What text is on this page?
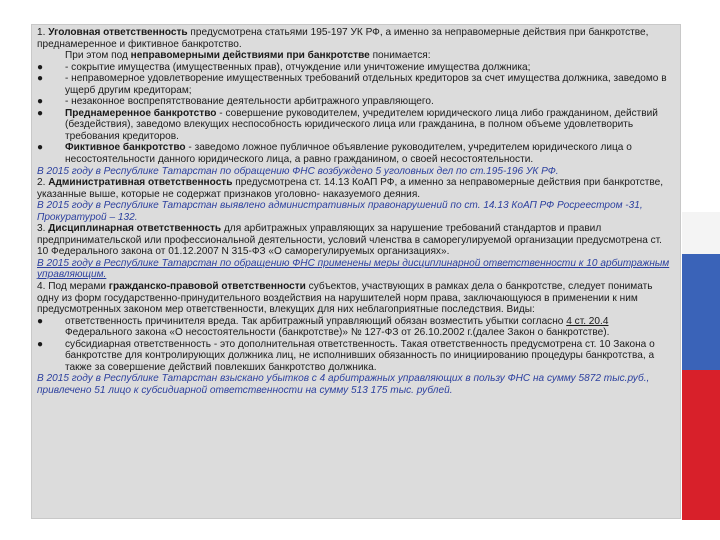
1. Уголовная ответственность предусмотрена статьями 195-197 УК РФ, а именно за неправомерные действия при банкротстве, преднамеренное и фиктивное банкротство.

При этом под неправомерными действиями при банкротстве понимается:

●	- сокрытие имущества (имущественных прав), отчуждение или уничтожение имущества должника;

●	- неправомерное удовлетворение имущественных требований отдельных кредиторов за счет имущества должника, заведомо в ущерб другим кредиторам;

●	- незаконное воспрепятствование деятельности арбитражного управляющего.

●	Преднамеренное банкротство - совершение руководителем, учредителем юридического лица либо гражданином, действий (бездействия), заведомо влекущих неспособность юридического лица или гражданина, в полном объеме удовлетворить требования кредиторов.

●	Фиктивное банкротство - заведомо ложное публичное объявление руководителем, учредителем юридического лица о несостоятельности данного юридического лица, а равно гражданином, о своей несостоятельности.

В 2015 году в Республике Татарстан по обращению ФНС возбуждено 5 уголовных дел по ст.195-196 УК РФ.

2. Административная ответственность предусмотрена ст. 14.13 КоАП РФ, а именно за неправомерные действия при банкротстве, указанные выше, которые не содержат признаков уголовно- наказуемого деяния.

В 2015 году в Республике Татарстан выявлено административных правонарушений по ст. 14.13 КоАП РФ Росреестром -31, Прокуратурой – 132.

3. Дисциплинарная ответственность для арбитражных управляющих за нарушение требований стандартов и правил предпринимательской или профессиональной деятельности, условий членства в саморегулируемой организации предусмотрена ст. 10 Федерального закона от 01.12.2007 N 315-ФЗ «О саморегулируемых организациях».

В 2015 году в Республике Татарстан по обращению ФНС применены меры дисциплинарной ответственности к 10 арбитражным управляющим.

4. Под мерами гражданско-правовой ответственности субъектов, участвующих в рамках дела о банкротстве, следует понимать одну из форм государственно-принудительного воздействия на нарушителей норм права, заключающуюся в применении к ним предусмотренных законом мер ответственности, влекущих для них неблагоприятные последствия. Виды:

●	ответственность причинителя вреда. Так арбитражный управляющий обязан возместить убытки согласно 4 ст. 20.4 Федерального закона «О несостоятельности (банкротстве)» № 127-ФЗ от 26.10.2002 г.(далее Закон о банкротстве).

●	субсидиарная ответственность - это дополнительная ответственность. Такая ответственность предусмотрена ст. 10 Закона о банкротстве для контролирующих должника лиц, не исполнивших обязанность по инициированию процедуры банкротства, а также за совершение действий повлекших банкротство должника.

В 2015 году в Республике Татарстан взыскано убытков с 4 арбитражных управляющих в пользу ФНС на сумму 5872 тыс.руб., привлечено 51 лицо к субсидиарной ответственности на сумму 513 175 тыс. рублей.
